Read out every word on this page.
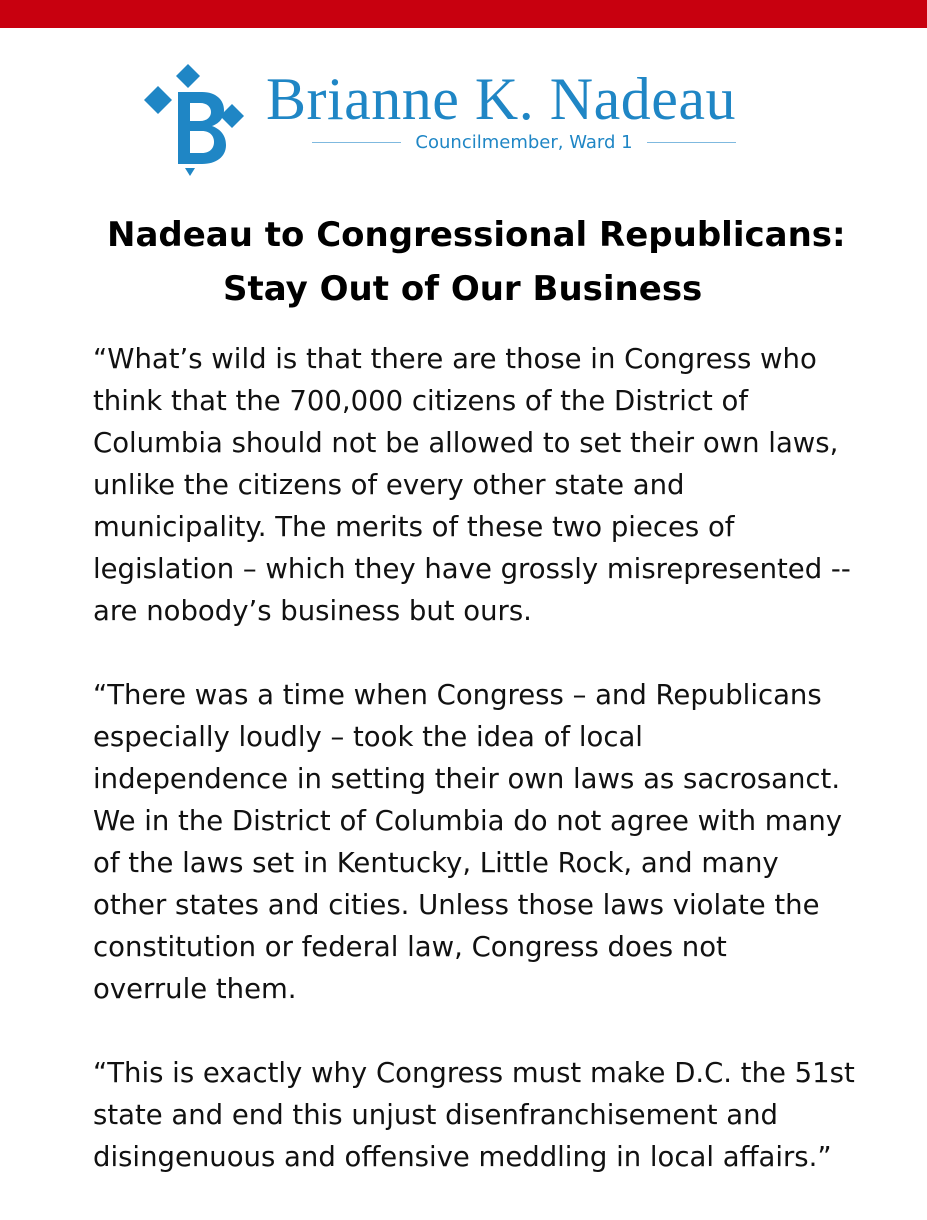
Brianne K. Nadeau
Councilmember, Ward 1
Nadeau to Congressional Republicans:
Stay Out of Our Business

“What’s wild is that there are those in Congress who
think that the 700,000 citizens of the District of
Columbia should not be allowed to set their own laws,
unlike the citizens of every other state and
municipality. The merits of these two pieces of
legislation – which they have grossly misrepresented --
are nobody’s business but ours.

“There was a time when Congress – and Republicans
especially loudly – took the idea of local
independence in setting their own laws as sacrosanct.
We in the District of Columbia do not agree with many
of the laws set in Kentucky, Little Rock, and many
other states and cities. Unless those laws violate the
constitution or federal law, Congress does not
overrule them.

“This is exactly why Congress must make D.C. the 51st
state and end this unjust disenfranchisement and
disingenuous and offensive meddling in local affairs.”
